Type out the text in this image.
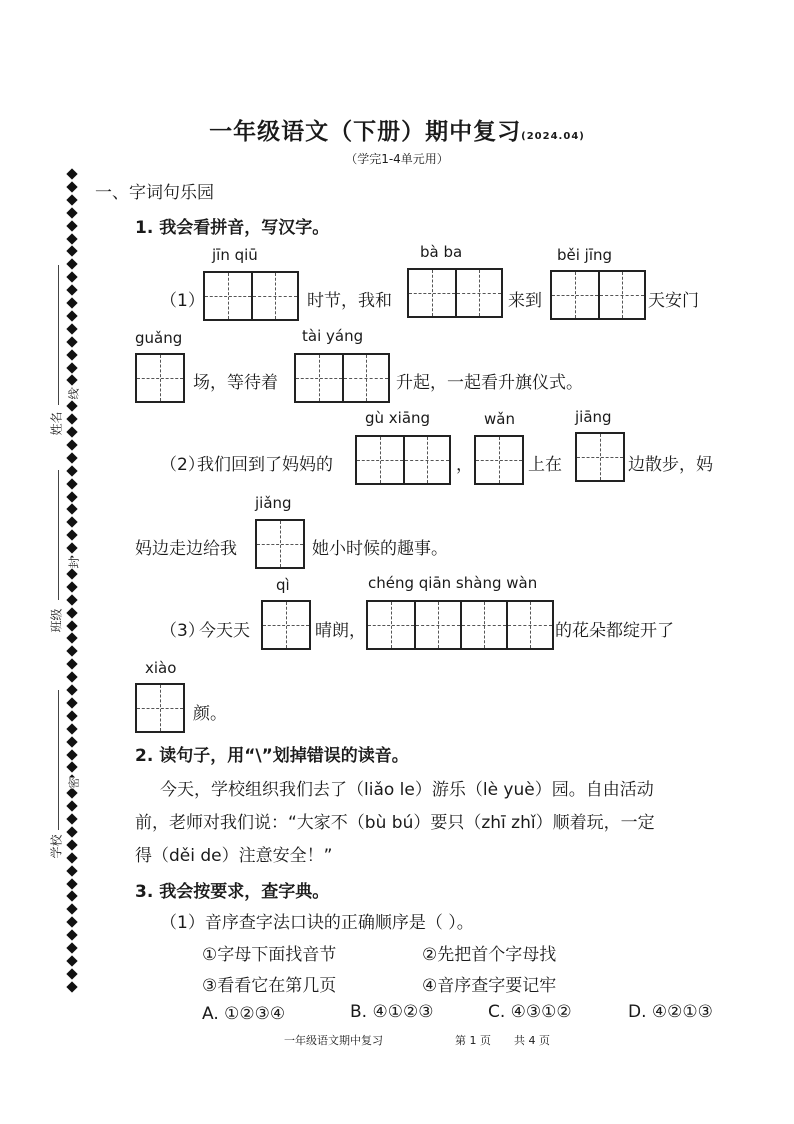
一年级语文（下册）期中复习(2024.04)
（学完1-4单元用）
姓名
班级
学校
线
封
密
一、字词句乐园
1. 我会看拼音，写汉字。
jīn qiū	bà ba	běi jīng
（1）	时节，我和	来到	天安门
guǎng	tài yáng
场，等待着	升起，一起看升旗仪式。
gù xiāng	wǎn	jiāng
（2）
我们回到了妈妈的	，	上在	边散步，妈
jiǎng
妈边走边给我	她小时候的趣事。
qì	chéng qiān shàng wàn
（3）
今天天	晴朗，	的花朵都绽开了
xiào
颜。
2. 读句子，用“\”划掉错误的读音。
今天，学校组织我们去了（liǎo le）游乐（lè yuè）园。自由活动
前，老师对我们说：“大家不（bù bú）要只（zhī zhǐ）顺着玩，一定
得（děi de）注意安全！”
3. 我会按要求，查字典。
（1）音序查字法口诀的正确顺序是（ ）。
①字母下面找音节	②先把首个字母找
③看看它在第几页	④音序查字要记牢
A. ①②③④	B. ④①②③	C. ④③①②	D. ④②①③
一年级语文期中复习	第 1 页 共 4 页
